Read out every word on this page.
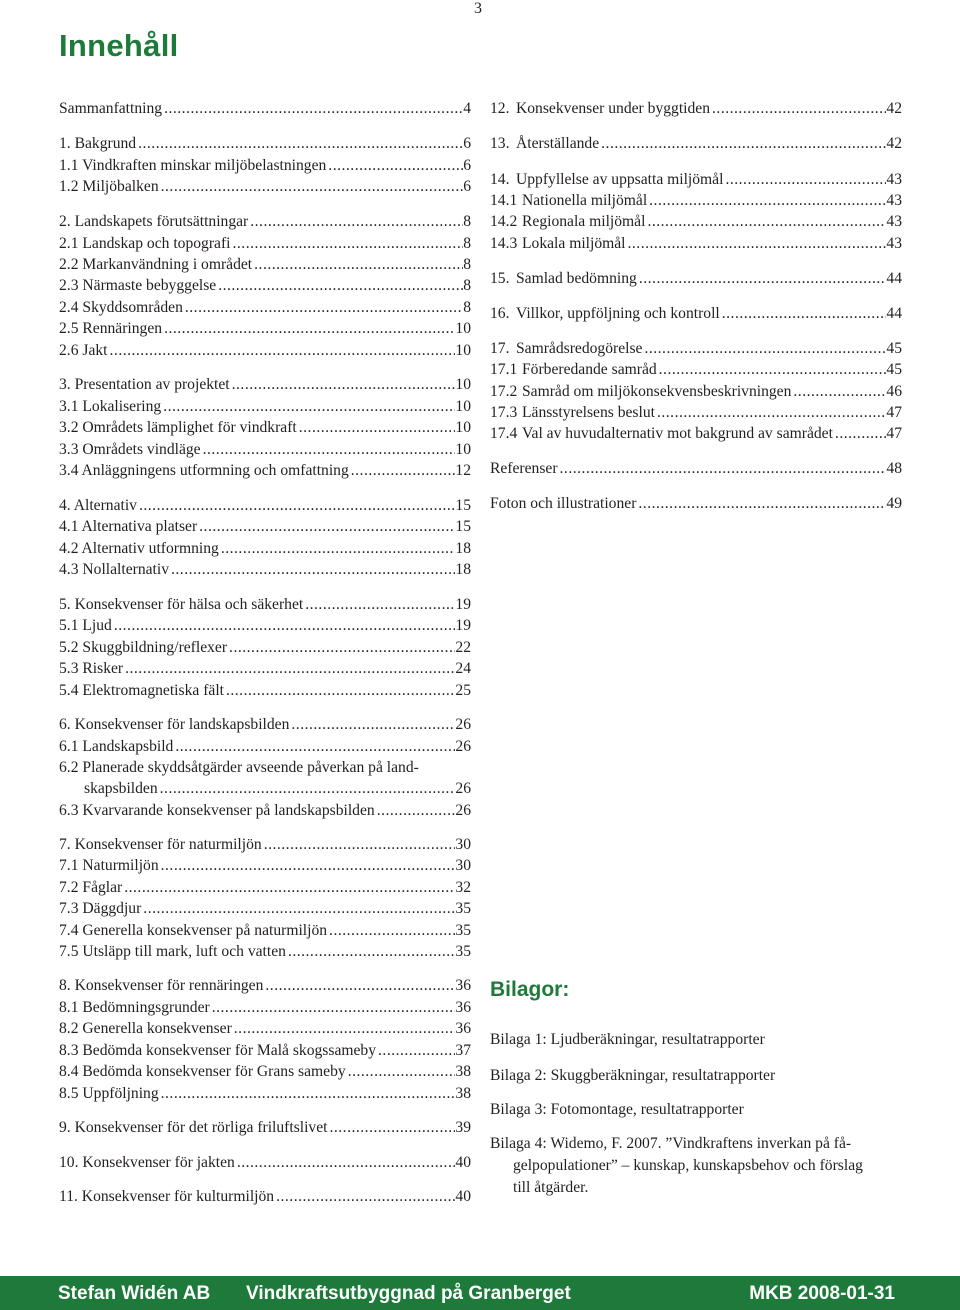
3
Innehåll
Sammanfattning .....	4
1. Bakgrund .....	6
1.1 Vindkraften minskar miljöbelastningen .....	6
1.2 Miljöbalken .....	6
2. Landskapets förutsättningar .....	8
2.1 Landskap och topografi .....	8
2.2 Markanvändning i området .....	8
2.3 Närmaste bebyggelse .....	8
2.4 Skyddsområden .....	8
2.5 Rennäringen .....	10
2.6 Jakt .....	10
3. Presentation av projektet .....	10
3.1 Lokalisering .....	10
3.2 Områdets lämplighet för vindkraft .....	10
3.3 Områdets vindläge .....	10
3.4 Anläggningens utformning och omfattning .....	12
4. Alternativ .....	15
4.1 Alternativa platser .....	15
4.2 Alternativ utformning .....	18
4.3 Nollalternativ .....	18
5. Konsekvenser för hälsa och säkerhet .....	19
5.1 Ljud .....	19
5.2 Skuggbildning/reflexer .....	22
5.3 Risker .....	24
5.4 Elektromagnetiska fält .....	25
6. Konsekvenser för landskapsbilden .....	26
6.1 Landskapsbild .....	26
6.2 Planerade skyddsåtgärder avseende påverkan på land-
skapsbilden .....	26
6.3 Kvarvarande konsekvenser på landskapsbilden .....	26
7. Konsekvenser för naturmiljön .....	30
7.1 Naturmiljön .....	30
7.2 Fåglar .....	32
7.3 Däggdjur .....	35
7.4 Generella konsekvenser på naturmiljön .....	35
7.5 Utsläpp till mark, luft och vatten .....	35
8. Konsekvenser för rennäringen .....	36
8.1 Bedömningsgrunder .....	36
8.2 Generella konsekvenser .....	36
8.3 Bedömda konsekvenser för Malå skogssameby .....	37
8.4 Bedömda konsekvenser för Grans sameby .....	38
8.5 Uppföljning .....	38
9. Konsekvenser för det rörliga friluftslivet .....	39
10. Konsekvenser för jakten .....	40
11. Konsekvenser för kulturmiljön .....	40
12. Konsekvenser under byggtiden .....	42
13. Återställande .....	42
14. Uppfyllelse av uppsatta miljömål .....	43
14.1 Nationella miljömål .....	43
14.2 Regionala miljömål .....	43
14.3 Lokala miljömål .....	43
15. Samlad bedömning .....	44
16. Villkor, uppföljning och kontroll .....	44
17. Samrådsredogörelse .....	45
17.1 Förberedande samråd .....	45
17.2 Samråd om miljökonsekvensbeskrivningen .....	46
17.3 Länsstyrelsens beslut .....	47
17.4 Val av huvudalternativ mot bakgrund av samrådet .....	47
Referenser .....	48
Foton och illustrationer .....	49
Bilagor:
Bilaga 1: Ljudberäkningar, resultatrapporter
Bilaga 2: Skuggberäkningar, resultatrapporter
Bilaga 3: Fotomontage, resultatrapporter
Bilaga 4: Widemo, F. 2007. ”Vindkraftens inverkan på få-
gelpopulationer” – kunskap, kunskapsbehov och förslag
till åtgärder.
Stefan Widén AB Vindkraftsutbyggnad på Granberget	MKB 2008-01-31
